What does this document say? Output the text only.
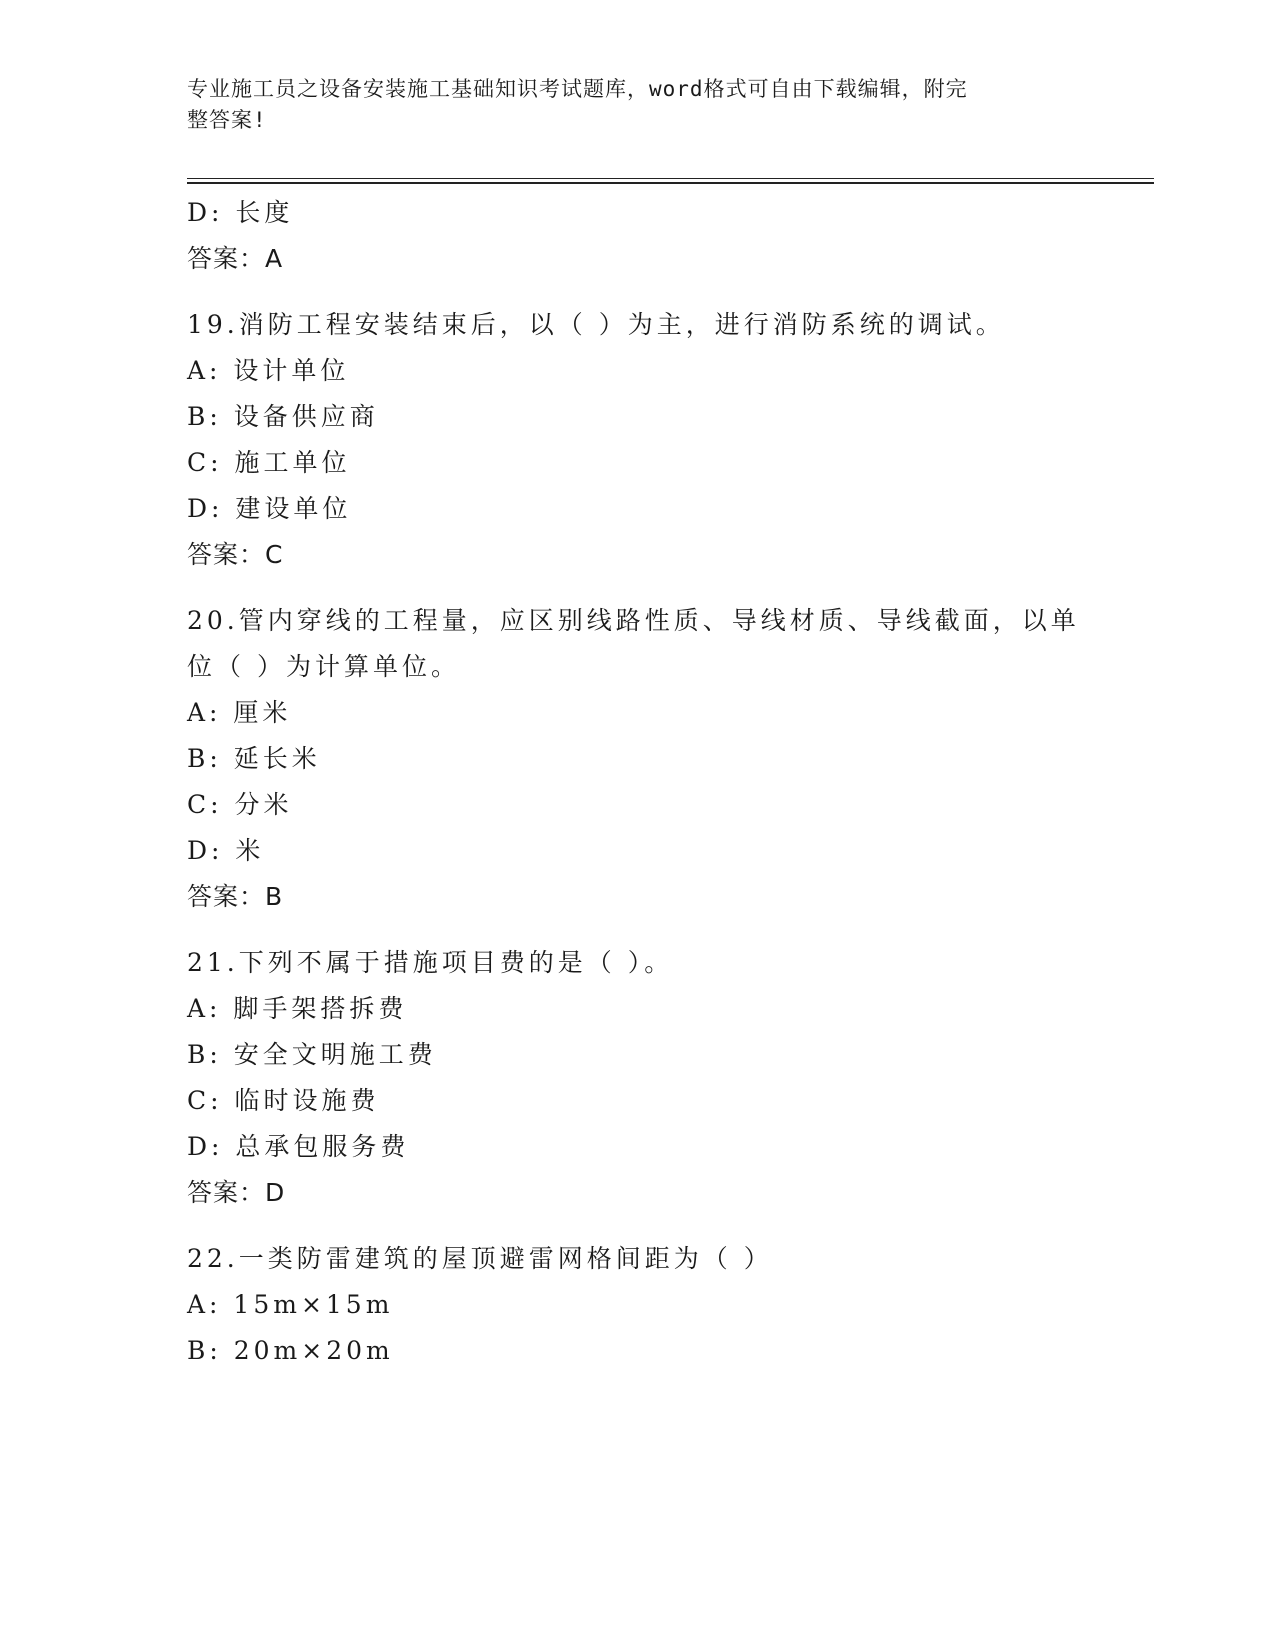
专业施工员之设备安装施工基础知识考试题库，word格式可自由下载编辑，附完
整答案!
D: 长度
答案：A
19.消防工程安装结束后，以（ ）为主，进行消防系统的调试。
A: 设计单位
B: 设备供应商
C: 施工单位
D: 建设单位
答案：C
20.管内穿线的工程量，应区别线路性质、导线材质、导线截面，以单
位（ ）为计算单位。
A: 厘米
B: 延长米
C: 分米
D: 米
答案：B
21.下列不属于措施项目费的是（ ）。
A: 脚手架搭拆费
B: 安全文明施工费
C: 临时设施费
D: 总承包服务费
答案：D
22.一类防雷建筑的屋顶避雷网格间距为（ ）
A: 15m×15m
B: 20m×20m
